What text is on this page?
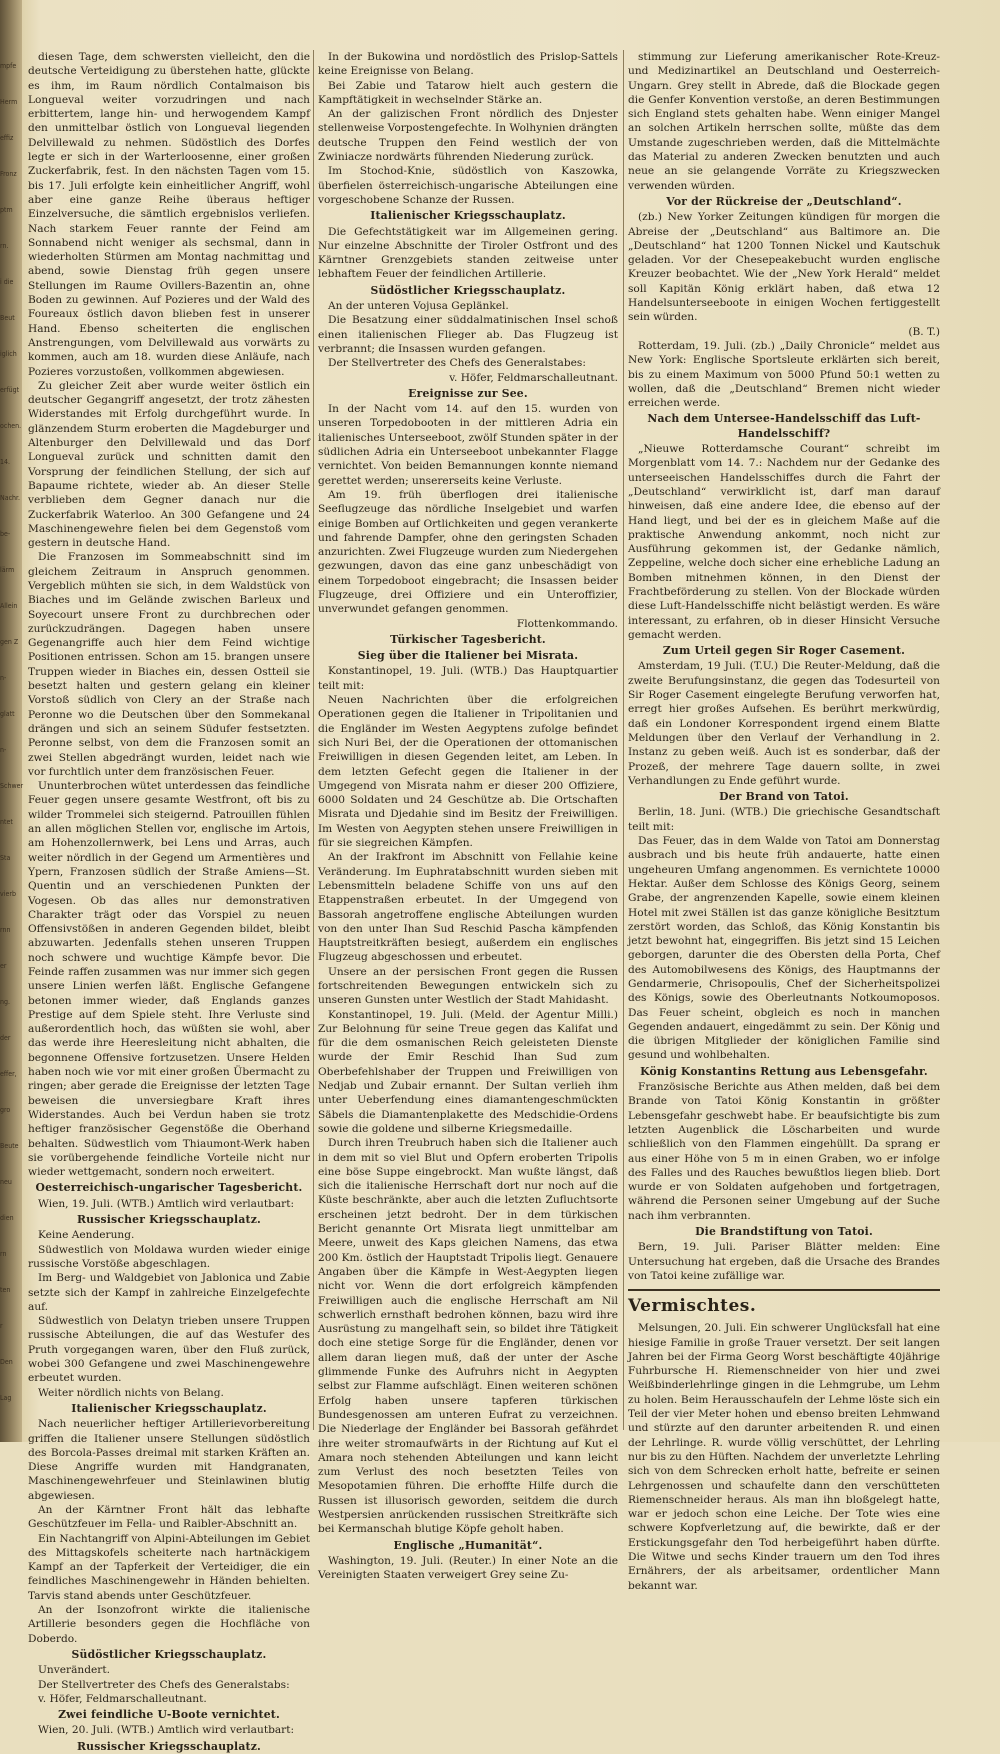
mpfe
Herm
effiz
Fronz
ptm
rn.
i die
Beut
iglich
erfügt
ochen.
14.
Nachr.
be-
lärm
Allein
gen Z
n-
glatt
n-
Schwer
ntet
Sta
vierb
rnn
er
ng.
der
effer,
gro
Beute
neu
dien
rn
ten
r
Den
Lag

diesen Tage, dem schwersten vielleicht, den die deutsche Verteidigung zu überstehen hatte, glückte es ihm, im Raum nördlich Contalmaison bis Longueval weiter vorzudringen und nach erbittertem, lange hin- und herwogendem Kampf den unmittelbar östlich von Longueval liegenden Delvillewald zu nehmen. Südöstlich des Dorfes legte er sich in der Warterloosenne, einer großen Zuckerfabrik, fest. In den nächsten Tagen vom 15. bis 17. Juli erfolgte kein einheitlicher Angriff, wohl aber eine ganze Reihe überaus heftiger Einzelversuche, die sämtlich ergebnislos verliefen. Nach starkem Feuer rannte der Feind am Sonnabend nicht weniger als sechsmal, dann in wiederholten Stürmen am Montag nachmittag und abend, sowie Dienstag früh gegen unsere Stellungen im Raume Ovillers-Bazentin an, ohne Boden zu gewinnen. Auf Pozieres und der Wald des Foureaux östlich davon blieben fest in unserer Hand. Ebenso scheiterten die englischen Anstrengungen, vom Delvillewald aus vorwärts zu kommen, auch am 18. wurden diese Anläufe, nach Pozieres vorzustoßen, vollkommen abgewiesen.

Zu gleicher Zeit aber wurde weiter östlich ein deutscher Gegangriff angesetzt, der trotz zähesten Widerstandes mit Erfolg durchgeführt wurde. In glänzendem Sturm eroberten die Magdeburger und Altenburger den Delvillewald und das Dorf Longueval zurück und schnitten damit den Vorsprung der feindlichen Stellung, der sich auf Bapaume richtete, wieder ab. An dieser Stelle verblieben dem Gegner danach nur die Zuckerfabrik Waterloo. An 300 Gefangene und 24 Maschinengewehre fielen bei dem Gegenstoß vom gestern in deutsche Hand.

Die Franzosen im Sommeabschnitt sind im gleichem Zeitraum in Anspruch genommen. Vergeblich mühten sie sich, in dem Waldstück von Biaches und im Gelände zwischen Barleux und Soyecourt unsere Front zu durchbrechen oder zurückzudrängen. Dagegen haben unsere Gegenangriffe auch hier dem Feind wichtige Positionen entrissen. Schon am 15. brangen unsere Truppen wieder in Biaches ein, dessen Ostteil sie besetzt halten und gestern gelang ein kleiner Vorstoß südlich von Clery an der Straße nach Peronne wo die Deutschen über den Sommekanal drängen und sich an seinem Südufer festsetzten. Peronne selbst, von dem die Franzosen somit an zwei Stellen abgedrängt wurden, leidet nach wie vor furchtlich unter dem französischen Feuer.

Ununterbrochen wütet unterdessen das feindliche Feuer gegen unsere gesamte Westfront, oft bis zu wilder Trommelei sich steigernd. Patrouillen fühlen an allen möglichen Stellen vor, englische im Artois, am Hohenzollernwerk, bei Lens und Arras, auch weiter nördlich in der Gegend um Armentières und Ypern, Franzosen südlich der Straße Amiens—St. Quentin und an verschiedenen Punkten der Vogesen. Ob das alles nur demonstrativen Charakter trägt oder das Vorspiel zu neuen Offensivstößen in anderen Gegenden bildet, bleibt abzuwarten. Jedenfalls stehen unseren Truppen noch schwere und wuchtige Kämpfe bevor. Die Feinde raffen zusammen was nur immer sich gegen unsere Linien werfen läßt. Englische Gefangene betonen immer wieder, daß Englands ganzes Prestige auf dem Spiele steht. Ihre Verluste sind außerordentlich hoch, das wüßten sie wohl, aber das werde ihre Heeresleitung nicht abhalten, die begonnene Offensive fortzusetzen. Unsere Helden haben noch wie vor mit einer großen Übermacht zu ringen; aber gerade die Ereignisse der letzten Tage beweisen die unversiegbare Kraft ihres Widerstandes. Auch bei Verdun haben sie trotz heftiger französischer Gegenstöße die Oberhand behalten. Südwestlich vom Thiaumont-Werk haben sie vorübergehende feindliche Vorteile nicht nur wieder wettgemacht, sondern noch erweitert.

Oesterreichisch-ungarischer Tagesbericht.

Wien, 19. Juli. (WTB.) Amtlich wird verlautbart:

Russischer Kriegsschauplatz.

Keine Aenderung.

Südwestlich von Moldawa wurden wieder einige russische Vorstöße abgeschlagen.

Im Berg- und Waldgebiet von Jablonica und Zabie setzte sich der Kampf in zahlreiche Einzelgefechte auf.

Südwestlich von Delatyn trieben unsere Truppen russische Abteilungen, die auf das Westufer des Pruth vorgegangen waren, über den Fluß zurück, wobei 300 Gefangene und zwei Maschinengewehre erbeutet wurden.

Weiter nördlich nichts von Belang.

Italienischer Kriegsschauplatz.

Nach neuerlicher heftiger Artillerievorbereitung griffen die Italiener unsere Stellungen südöstlich des Borcola-Passes dreimal mit starken Kräften an. Diese Angriffe wurden mit Handgranaten, Maschinengewehrfeuer und Steinlawinen blutig abgewiesen.

An der Kärntner Front hält das lebhafte Geschützfeuer im Fella- und Raibler-Abschnitt an.

Ein Nachtangriff von Alpini-Abteilungen im Gebiet des Mittagskofels scheiterte nach hartnäckigem Kampf an der Tapferkeit der Verteidiger, die ein feindliches Maschinengewehr in Händen behielten. Tarvis stand abends unter Geschützfeuer.

An der Isonzofront wirkte die italienische Artillerie besonders gegen die Hochfläche von Doberdo.

Südöstlicher Kriegsschauplatz.

Unverändert.

Der Stellvertreter des Chefs des Generalstabs:

v. Höfer, Feldmarschalleutnant.

Zwei feindliche U-Boote vernichtet.

Wien, 20. Juli. (WTB.) Amtlich wird verlautbart:

Russischer Kriegsschauplatz.

In der Bukowina und nordöstlich des Prislop-Sattels keine Ereignisse von Belang.

Bei Zabie und Tatarow hielt auch gestern die Kampftätigkeit in wechselnder Stärke an.

An der galizischen Front nördlich des Dnjester stellenweise Vorpostengefechte. In Wolhynien drängten deutsche Truppen den Feind westlich der von Zwiniacze nordwärts führenden Niederung zurück.

Im Stochod-Knie, südöstlich von Kaszowka, überfielen österreichisch-ungarische Abteilungen eine vorgeschobene Schanze der Russen.

Italienischer Kriegsschauplatz.

Die Gefechtstätigkeit war im Allgemeinen gering. Nur einzelne Abschnitte der Tiroler Ostfront und des Kärntner Grenzgebiets standen zeitweise unter lebhaftem Feuer der feindlichen Artillerie.

Südöstlicher Kriegsschauplatz.

An der unteren Vojusa Geplänkel.

Die Besatzung einer süddalmatinischen Insel schoß einen italienischen Flieger ab. Das Flugzeug ist verbrannt; die Insassen wurden gefangen.

Der Stellvertreter des Chefs des Generalstabes:

v. Höfer, Feldmarschalleutnant.

Ereignisse zur See.

In der Nacht vom 14. auf den 15. wurden von unseren Torpedobooten in der mittleren Adria ein italienisches Unterseeboot, zwölf Stunden später in der südlichen Adria ein Unterseeboot unbekannter Flagge vernichtet. Von beiden Bemannungen konnte niemand gerettet werden; unsererseits keine Verluste.

Am 19. früh überflogen drei italienische Seeflugzeuge das nördliche Inselgebiet und warfen einige Bomben auf Ortlichkeiten und gegen verankerte und fahrende Dampfer, ohne den geringsten Schaden anzurichten. Zwei Flugzeuge wurden zum Niedergehen gezwungen, davon das eine ganz unbeschädigt von einem Torpedoboot eingebracht; die Insassen beider Flugzeuge, drei Offiziere und ein Unteroffizier, unverwundet gefangen genommen.

Flottenkommando.

Türkischer Tagesbericht.

Sieg über die Italiener bei Misrata.

Konstantinopel, 19. Juli. (WTB.) Das Hauptquartier teilt mit:

Neuen Nachrichten über die erfolgreichen Operationen gegen die Italiener in Tripolitanien und die Engländer im Westen Aegyptens zufolge befindet sich Nuri Bei, der die Operationen der ottomanischen Freiwilligen in diesen Gegenden leitet, am Leben. In dem letzten Gefecht gegen die Italiener in der Umgegend von Misrata nahm er dieser 200 Offiziere, 6000 Soldaten und 24 Geschütze ab. Die Ortschaften Misrata und Djedahie sind im Besitz der Freiwilligen. Im Westen von Aegypten stehen unsere Freiwilligen in für sie siegreichen Kämpfen.

An der Irakfront im Abschnitt von Fellahie keine Veränderung. Im Euphratabschnitt wurden sieben mit Lebensmitteln beladene Schiffe von uns auf den Etappenstraßen erbeutet. In der Umgegend von Bassorah angetroffene englische Abteilungen wurden von den unter Ihan Sud Reschid Pascha kämpfenden Hauptstreitkräften besiegt, außerdem ein englisches Flugzeug abgeschossen und erbeutet.

Unsere an der persischen Front gegen die Russen fortschreitenden Bewegungen entwickeln sich zu unseren Gunsten unter Westlich der Stadt Mahidasht.

Konstantinopel, 19. Juli. (Meld. der Agentur Milli.) Zur Belohnung für seine Treue gegen das Kalifat und für die dem osmanischen Reich geleisteten Dienste wurde der Emir Reschid Ihan Sud zum Oberbefehlshaber der Truppen und Freiwilligen von Nedjab und Zubair ernannt. Der Sultan verlieh ihm unter Ueberfendung eines diamantengeschmückten Säbels die Diamantenplakette des Medschidie-Ordens sowie die goldene und silberne Kriegsmedaille.

Durch ihren Treubruch haben sich die Italiener auch in dem mit so viel Blut und Opfern eroberten Tripolis eine böse Suppe eingebrockt. Man wußte längst, daß sich die italienische Herrschaft dort nur noch auf die Küste beschränkte, aber auch die letzten Zufluchtsorte erscheinen jetzt bedroht. Der in dem türkischen Bericht genannte Ort Misrata liegt unmittelbar am Meere, unweit des Kaps gleichen Namens, das etwa 200 Km. östlich der Hauptstadt Tripolis liegt. Genauere Angaben über die Kämpfe in West-Aegypten liegen nicht vor. Wenn die dort erfolgreich kämpfenden Freiwilligen auch die englische Herrschaft am Nil schwerlich ernsthaft bedrohen können, bazu wird ihre Ausrüstung zu mangelhaft sein, so bildet ihre Tätigkeit doch eine stetige Sorge für die Engländer, denen vor allem daran liegen muß, daß der unter der Asche glimmende Funke des Aufruhrs nicht in Aegypten selbst zur Flamme aufschlägt. Einen weiteren schönen Erfolg haben unsere tapferen türkischen Bundesgenossen am unteren Eufrat zu verzeichnen. Die Niederlage der Engländer bei Bassorah gefährdet ihre weiter stromaufwärts in der Richtung auf Kut el Amara noch stehenden Abteilungen und kann leicht zum Verlust des noch besetzten Teiles von Mesopotamien führen. Die erhoffte Hilfe durch die Russen ist illusorisch geworden, seitdem die durch Westpersien anrückenden russischen Streitkräfte sich bei Kermanschah blutige Köpfe geholt haben.

Englische „Humanität“.

Washington, 19. Juli. (Reuter.) In einer Note an die Vereinigten Staaten verweigert Grey seine Zu-

stimmung zur Lieferung amerikanischer Rote-Kreuz- und Medizinartikel an Deutschland und Oesterreich-Ungarn. Grey stellt in Abrede, daß die Blockade gegen die Genfer Konvention verstoße, an deren Bestimmungen sich England stets gehalten habe. Wenn einiger Mangel an solchen Artikeln herrschen sollte, müßte das dem Umstande zugeschrieben werden, daß die Mittelmächte das Material zu anderen Zwecken benutzten und auch neue an sie gelangende Vorräte zu Kriegszwecken verwenden würden.

Vor der Rückreise der „Deutschland“.

(zb.) New Yorker Zeitungen kündigen für morgen die Abreise der „Deutschland“ aus Baltimore an. Die „Deutschland“ hat 1200 Tonnen Nickel und Kautschuk geladen. Vor der Chesepeakebucht wurden englische Kreuzer beobachtet. Wie der „New York Herald“ meldet soll Kapitän König erklärt haben, daß etwa 12 Handelsunterseeboote in einigen Wochen fertiggestellt sein würden.

(B. T.)

Rotterdam, 19. Juli. (zb.) „Daily Chronicle“ meldet aus New York: Englische Sportsleute erklärten sich bereit, bis zu einem Maximum von 5000 Pfund 50:1 wetten zu wollen, daß die „Deutschland“ Bremen nicht wieder erreichen werde.

Nach dem Untersee-Handelsschiff das Luft-Handelsschiff?

„Nieuwe Rotterdamsche Courant“ schreibt im Morgenblatt vom 14. 7.: Nachdem nur der Gedanke des unterseeischen Handelsschiffes durch die Fahrt der „Deutschland“ verwirklicht ist, darf man darauf hinweisen, daß eine andere Idee, die ebenso auf der Hand liegt, und bei der es in gleichem Maße auf die praktische Anwendung ankommt, noch nicht zur Ausführung gekommen ist, der Gedanke nämlich, Zeppeline, welche doch sicher eine erhebliche Ladung an Bomben mitnehmen können, in den Dienst der Frachtbeförderung zu stellen. Von der Blockade würden diese Luft-Handelsschiffe nicht belästigt werden. Es wäre interessant, zu erfahren, ob in dieser Hinsicht Versuche gemacht werden.

Zum Urteil gegen Sir Roger Casement.

Amsterdam, 19 Juli. (T.U.) Die Reuter-Meldung, daß die zweite Berufungsinstanz, die gegen das Todesurteil von Sir Roger Casement eingelegte Berufung verworfen hat, erregt hier großes Aufsehen. Es berührt merkwürdig, daß ein Londoner Korrespondent irgend einem Blatte Meldungen über den Verlauf der Verhandlung in 2. Instanz zu geben weiß. Auch ist es sonderbar, daß der Prozeß, der mehrere Tage dauern sollte, in zwei Verhandlungen zu Ende geführt wurde.

Der Brand von Tatoi.

Berlin, 18. Juni. (WTB.) Die griechische Gesandtschaft teilt mit:

Das Feuer, das in dem Walde von Tatoi am Donnerstag ausbrach und bis heute früh andauerte, hatte einen ungeheuren Umfang angenommen. Es vernichtete 10000 Hektar. Außer dem Schlosse des Königs Georg, seinem Grabe, der angrenzenden Kapelle, sowie einem kleinen Hotel mit zwei Ställen ist das ganze königliche Besitztum zerstört worden, das Schloß, das König Konstantin bis jetzt bewohnt hat, eingegriffen. Bis jetzt sind 15 Leichen geborgen, darunter die des Obersten della Porta, Chef des Automobilwesens des Königs, des Hauptmanns der Gendarmerie, Chrisopoulis, Chef der Sicherheitspolizei des Königs, sowie des Oberleutnants Notkoumoposos. Das Feuer scheint, obgleich es noch in manchen Gegenden andauert, eingedämmt zu sein. Der König und die übrigen Mitglieder der königlichen Familie sind gesund und wohlbehalten.

König Konstantins Rettung aus Lebensgefahr.

Französische Berichte aus Athen melden, daß bei dem Brande von Tatoi König Konstantin in größter Lebensgefahr geschwebt habe. Er beaufsichtigte bis zum letzten Augenblick die Löscharbeiten und wurde schließlich von den Flammen eingehüllt. Da sprang er aus einer Höhe von 5 m in einen Graben, wo er infolge des Falles und des Rauches bewußtlos liegen blieb. Dort wurde er von Soldaten aufgehoben und fortgetragen, während die Personen seiner Umgebung auf der Suche nach ihm verbrannten.

Die Brandstiftung von Tatoi.

Bern, 19. Juli. Pariser Blätter melden: Eine Untersuchung hat ergeben, daß die Ursache des Brandes von Tatoi keine zufällige war.

Vermischtes.

Melsungen, 20. Juli. Ein schwerer Unglücksfall hat eine hiesige Familie in große Trauer versetzt. Der seit langen Jahren bei der Firma Georg Worst beschäftigte 40jährige Fuhrbursche H. Riemenschneider von hier und zwei Weißbinderlehrlinge gingen in die Lehmgrube, um Lehm zu holen. Beim Herausschaufeln der Lehme löste sich ein Teil der vier Meter hohen und ebenso breiten Lehmwand und stürzte auf den darunter arbeitenden R. und einen der Lehrlinge. R. wurde völlig verschüttet, der Lehrling nur bis zu den Hüften. Nachdem der unverletzte Lehrling sich von dem Schrecken erholt hatte, befreite er seinen Lehrgenossen und schaufelte dann den verschütteten Riemenschneider heraus. Als man ihn bloßgelegt hatte, war er jedoch schon eine Leiche. Der Tote wies eine schwere Kopfverletzung auf, die bewirkte, daß er der Erstickungsgefahr den Tod herbeigeführt haben dürfte. Die Witwe und sechs Kinder trauern um den Tod ihres Ernährers, der als arbeitsamer, ordentlicher Mann bekannt war.
